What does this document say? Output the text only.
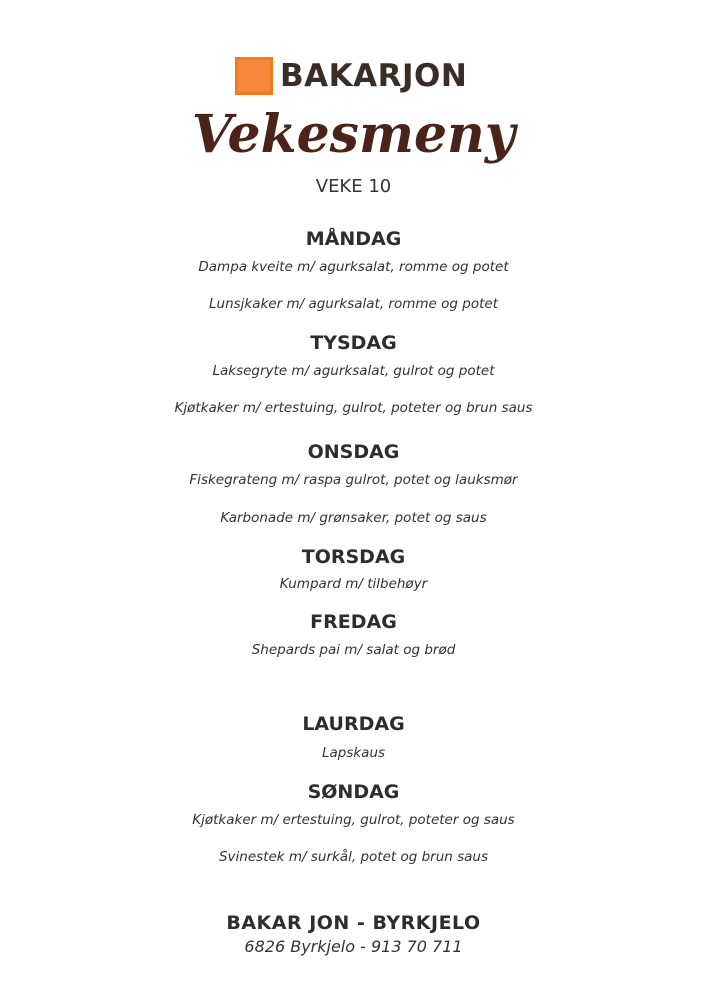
BAKARJON
Vekesmeny
VEKE 10
MÅNDAG
Dampa kveite m/ agurksalat, romme og potet
Lunsjkaker m/ agurksalat, romme og potet
TYSDAG
Laksegryte m/ agurksalat, gulrot og potet
Kjøtkaker m/ ertestuing, gulrot, poteter og brun saus
ONSDAG
Fiskegrateng m/ raspa gulrot, potet og lauksmør
Karbonade m/ grønsaker, potet og saus
TORSDAG
Kumpard m/ tilbehøyr
FREDAG
Shepards pai m/ salat og brød
LAURDAG
Lapskaus
SØNDAG
Kjøtkaker m/ ertestuing, gulrot, poteter og saus
Svinestek m/ surkål, potet og brun saus
BAKAR JON - BYRKJELO
6826 Byrkjelo - 913 70 711
